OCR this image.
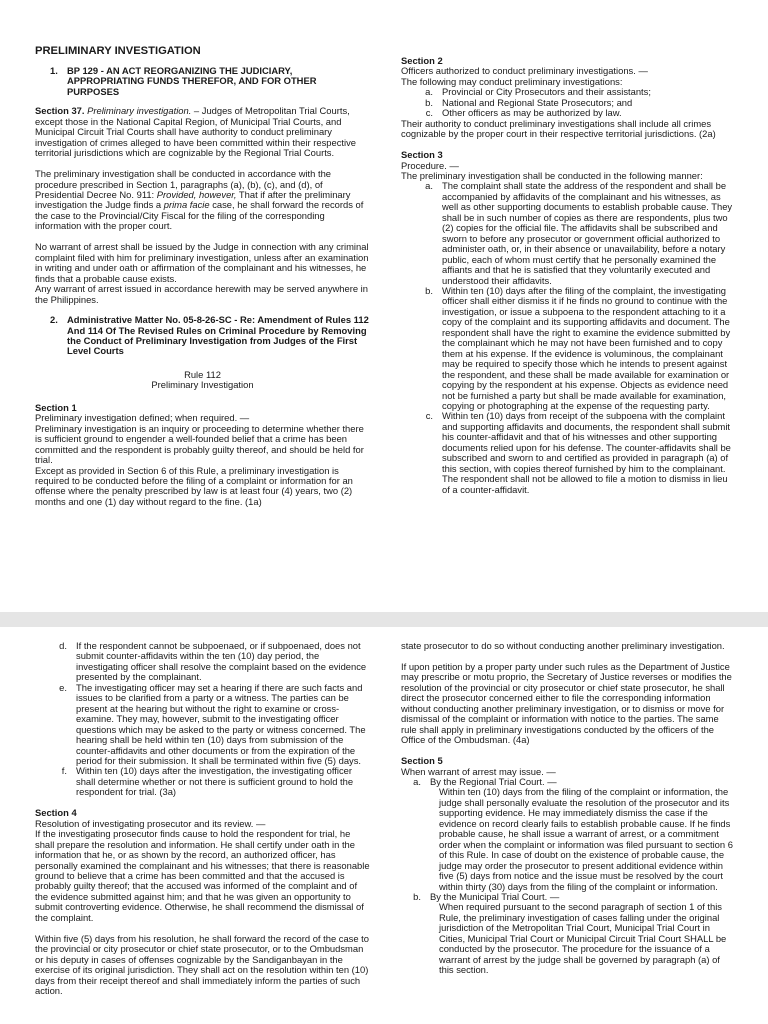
PRELIMINARY INVESTIGATION
1. BP 129 - AN ACT REORGANIZING THE JUDICIARY, APPROPRIATING FUNDS THEREFOR, AND FOR OTHER PURPOSES

Section 37. Preliminary investigation. – Judges of Metropolitan Trial Courts, except those in the National Capital Region, of Municipal Trial Courts, and Municipal Circuit Trial Courts shall have authority to conduct preliminary investigation of crimes alleged to have been committed within their respective territorial jurisdictions which are cognizable by the Regional Trial Courts.

The preliminary investigation shall be conducted in accordance with the procedure prescribed in Section 1, paragraphs (a), (b), (c), and (d), of Presidential Decree No. 911: Provided, however, That if after the preliminary investigation the Judge finds a prima facie case, he shall forward the records of the case to the Provincial/City Fiscal for the filing of the corresponding information with the proper court.

No warrant of arrest shall be issued by the Judge in connection with any criminal complaint filed with him for preliminary investigation, unless after an examination in writing and under oath or affirmation of the complainant and his witnesses, he finds that a probable cause exists.

Any warrant of arrest issued in accordance herewith may be served anywhere in the Philippines.

2. Administrative Matter No. 05-8-26-SC - Re: Amendment of Rules 112 And 114 Of The Revised Rules on Criminal Procedure by Removing the Conduct of Preliminary Investigation from Judges of the First Level Courts

Rule 112

Preliminary Investigation

Section 1

Preliminary investigation defined; when required. —

Preliminary investigation is an inquiry or proceeding to determine whether there is sufficient ground to engender a well-founded belief that a crime has been committed and the respondent is probably guilty thereof, and should be held for trial.

Except as provided in Section 6 of this Rule, a preliminary investigation is required to be conducted before the filing of a complaint or information for an offense where the penalty prescribed by law is at least four (4) years, two (2) months and one (1) day without regard to the fine. (1a)

Section 2

Officers authorized to conduct preliminary investigations. —

The following may conduct preliminary investigations:

a. Provincial or City Prosecutors and their assistants;
b. National and Regional State Prosecutors; and
c. Other officers as may be authorized by law.

Their authority to conduct preliminary investigations shall include all crimes cognizable by the proper court in their respective territorial jurisdictions. (2a)

Section 3

Procedure. —

The preliminary investigation shall be conducted in the following manner:

a. The complaint shall state the address of the respondent and shall be accompanied by affidavits of the complainant and his witnesses, as well as other supporting documents to establish probable cause. They shall be in such number of copies as there are respondents, plus two (2) copies for the official file. The affidavits shall be subscribed and sworn to before any prosecutor or government official authorized to administer oath, or, in their absence or unavailability, before a notary public, each of whom must certify that he personally examined the affiants and that he is satisfied that they voluntarily executed and understood their affidavits.
b. Within ten (10) days after the filing of the complaint, the investigating officer shall either dismiss it if he finds no ground to continue with the investigation, or issue a subpoena to the respondent attaching to it a copy of the complaint and its supporting affidavits and document. The respondent shall have the right to examine the evidence submitted by the complainant which he may not have been furnished and to copy them at his expense. If the evidence is voluminous, the complainant may be required to specify those which he intends to present against the respondent, and these shall be made available for examination or copying by the respondent at his expense. Objects as evidence need not be furnished a party but shall be made available for examination, copying or photographing at the expense of the requesting party.
c. Within ten (10) days from receipt of the subpoena with the complaint and supporting affidavits and documents, the respondent shall submit his counter-affidavit and that of his witnesses and other supporting documents relied upon for his defense. The counter-affidavits shall be subscribed and sworn to and certified as provided in paragraph (a) of this section, with copies thereof furnished by him to the complainant. The respondent shall not be allowed to file a motion to dismiss in lieu of a counter-affidavit.
d. If the respondent cannot be subpoenaed, or if subpoenaed, does not submit counter-affidavits within the ten (10) day period, the investigating officer shall resolve the complaint based on the evidence presented by the complainant.
e. The investigating officer may set a hearing if there are such facts and issues to be clarified from a party or a witness. The parties can be present at the hearing but without the right to examine or cross-examine. They may, however, submit to the investigating officer questions which may be asked to the party or witness concerned. The hearing shall be held within ten (10) days from submission of the counter-affidavits and other documents or from the expiration of the period for their submission. It shall be terminated within five (5) days.
f. Within ten (10) days after the investigation, the investigating officer shall determine whether or not there is sufficient ground to hold the respondent for trial. (3a)

Section 4

Resolution of investigating prosecutor and its review. —

If the investigating prosecutor finds cause to hold the respondent for trial, he shall prepare the resolution and information. He shall certify under oath in the information that he, or as shown by the record, an authorized officer, has personally examined the complainant and his witnesses; that there is reasonable ground to believe that a crime has been committed and that the accused is probably guilty thereof; that the accused was informed of the complaint and of the evidence submitted against him; and that he was given an opportunity to submit controverting evidence. Otherwise, he shall recommend the dismissal of the complaint.

Within five (5) days from his resolution, he shall forward the record of the case to the provincial or city prosecutor or chief state prosecutor, or to the Ombudsman or his deputy in cases of offenses cognizable by the Sandiganbayan in the exercise of its original jurisdiction. They shall act on the resolution within ten (10) days from their receipt thereof and shall immediately inform the parties of such action.

state prosecutor to do so without conducting another preliminary investigation.

If upon petition by a proper party under such rules as the Department of Justice may prescribe or motu proprio, the Secretary of Justice reverses or modifies the resolution of the provincial or city prosecutor or chief state prosecutor, he shall direct the prosecutor concerned either to file the corresponding information without conducting another preliminary investigation, or to dismiss or move for dismissal of the complaint or information with notice to the parties. The same rule shall apply in preliminary investigations conducted by the officers of the Office of the Ombudsman. (4a)

Section 5

When warrant of arrest may issue. —

a. By the Regional Trial Court. —

Within ten (10) days from the filing of the complaint or information, the judge shall personally evaluate the resolution of the prosecutor and its supporting evidence. He may immediately dismiss the case if the evidence on record clearly fails to establish probable cause. If he finds probable cause, he shall issue a warrant of arrest, or a commitment order when the complaint or information was filed pursuant to section 6 of this Rule. In case of doubt on the existence of probable cause, the judge may order the prosecutor to present additional evidence within five (5) days from notice and the issue must be resolved by the court within thirty (30) days from the filing of the complaint or information.

b. By the Municipal Trial Court. —

When required pursuant to the second paragraph of section 1 of this Rule, the preliminary investigation of cases falling under the original jurisdiction of the Metropolitan Trial Court, Municipal Trial Court in Cities, Municipal Trial Court or Municipal Circuit Trial Court SHALL be conducted by the prosecutor. The procedure for the issuance of a warrant of arrest by the judge shall be governed by paragraph (a) of this section.
